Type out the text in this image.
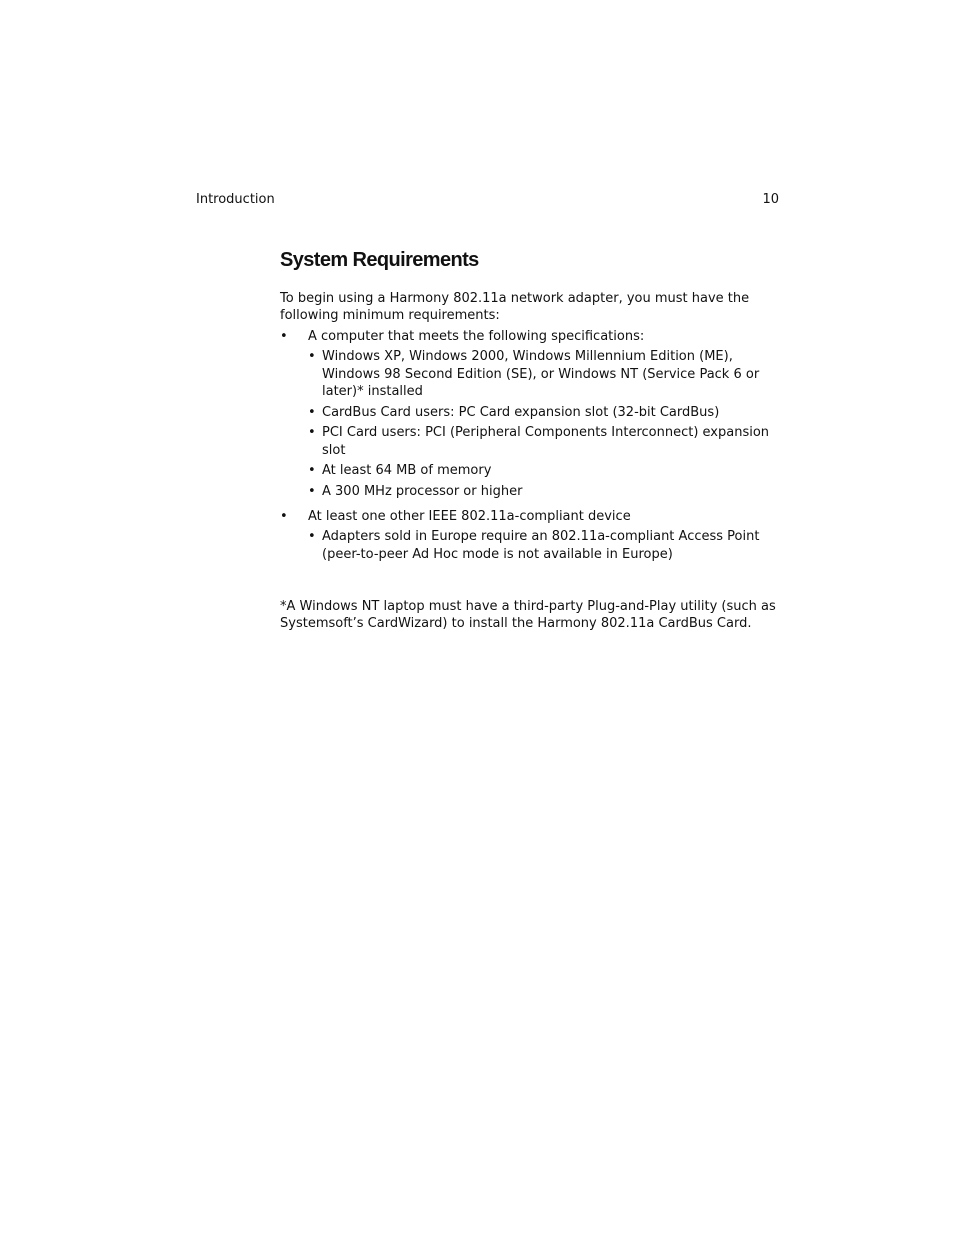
Introduction	10
System Requirements

To begin using a Harmony 802.11a network adapter, you must have the following minimum requirements:

• A computer that meets the following specifications:
• Windows XP, Windows 2000, Windows Millennium Edition (ME), Windows 98 Second Edition (SE), or Windows NT (Service Pack 6 or later)* installed
• CardBus Card users: PC Card expansion slot (32-bit CardBus)
• PCI Card users: PCI (Peripheral Components Interconnect) expansion slot
• At least 64 MB of memory
• A 300 MHz processor or higher
• At least one other IEEE 802.11a-compliant device
• Adapters sold in Europe require an 802.11a-compliant Access Point (peer-to-peer Ad Hoc mode is not available in Europe)

*A Windows NT laptop must have a third-party Plug-and-Play utility (such as Systemsoft’s CardWizard) to install the Harmony 802.11a CardBus Card.
